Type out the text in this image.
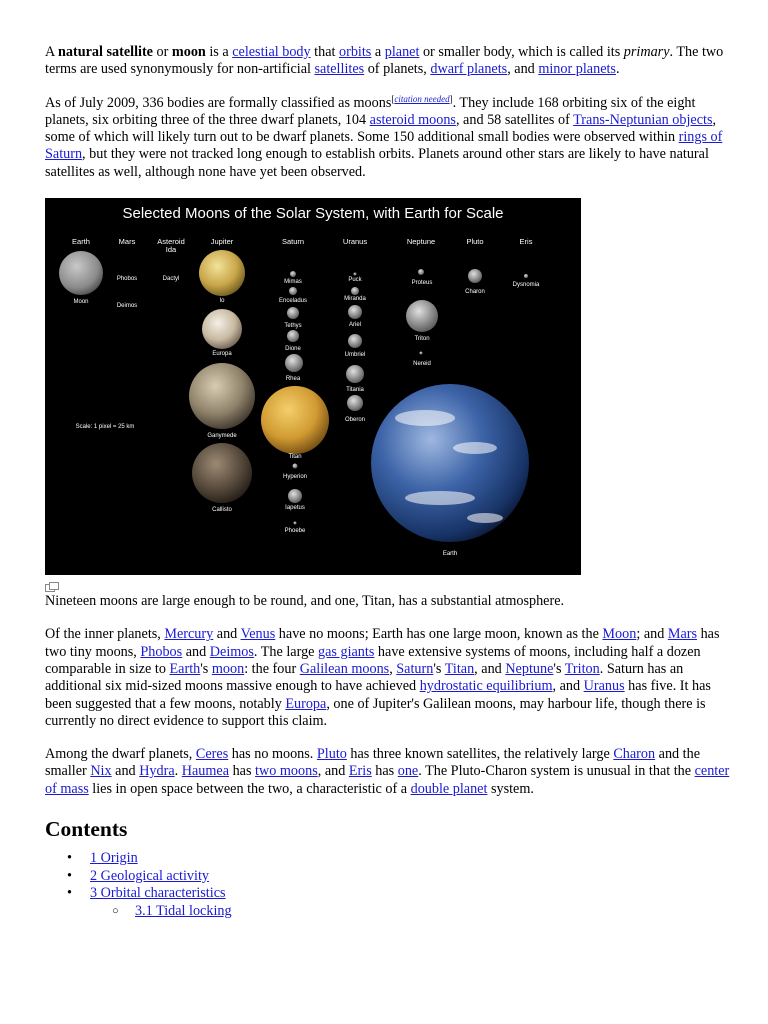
A natural satellite or moon is a celestial body that orbits a planet or smaller body, which is called its primary. The two terms are used synonymously for non-artificial satellites of planets, dwarf planets, and minor planets.

As of July 2009, 336 bodies are formally classified as moons[citation needed]. They include 168 orbiting six of the eight planets, six orbiting three of the three dwarf planets, 104 asteroid moons, and 58 satellites of Trans-Neptunian objects, some of which will likely turn out to be dwarf planets. Some 150 additional small bodies were observed within rings of Saturn, but they were not tracked long enough to establish orbits. Planets around other stars are likely to have natural satellites as well, although none have yet been observed.

Selected Moons of the Solar System, with Earth for Scale
Earth	Mars	Asteroid
Ida
Jupiter	Saturn	Uranus	Neptune	Pluto	Eris
Moon
Phobos
Deimos
Dactyl
Io
Europa
Ganymede
Callisto
Mimas
Enceladus
Tethys
Dione
Rhea
Titan
Hyperion
Iapetus
Phoebe
Puck
Miranda
Ariel
Umbriel
Titania
Oberon
Proteus
Triton
Nereid
Charon
Dysnomia
Earth
Scale: 1 pixel = 25 km

Nineteen moons are large enough to be round, and one, Titan, has a substantial atmosphere.

Of the inner planets, Mercury and Venus have no moons; Earth has one large moon, known as the Moon; and Mars has two tiny moons, Phobos and Deimos. The large gas giants have extensive systems of moons, including half a dozen comparable in size to Earth's moon: the four Galilean moons, Saturn's Titan, and Neptune's Triton. Saturn has an additional six mid-sized moons massive enough to have achieved hydrostatic equilibrium, and Uranus has five. It has been suggested that a few moons, notably Europa, one of Jupiter's Galilean moons, may harbour life, though there is currently no direct evidence to support this claim.

Among the dwarf planets, Ceres has no moons. Pluto has three known satellites, the relatively large Charon and the smaller Nix and Hydra. Haumea has two moons, and Eris has one. The Pluto-Charon system is unusual in that the center of mass lies in open space between the two, a characteristic of a double planet system.

Contents
• 1 Origin
• 2 Geological activity
• 3 Orbital characteristics
○ 3.1 Tidal locking
